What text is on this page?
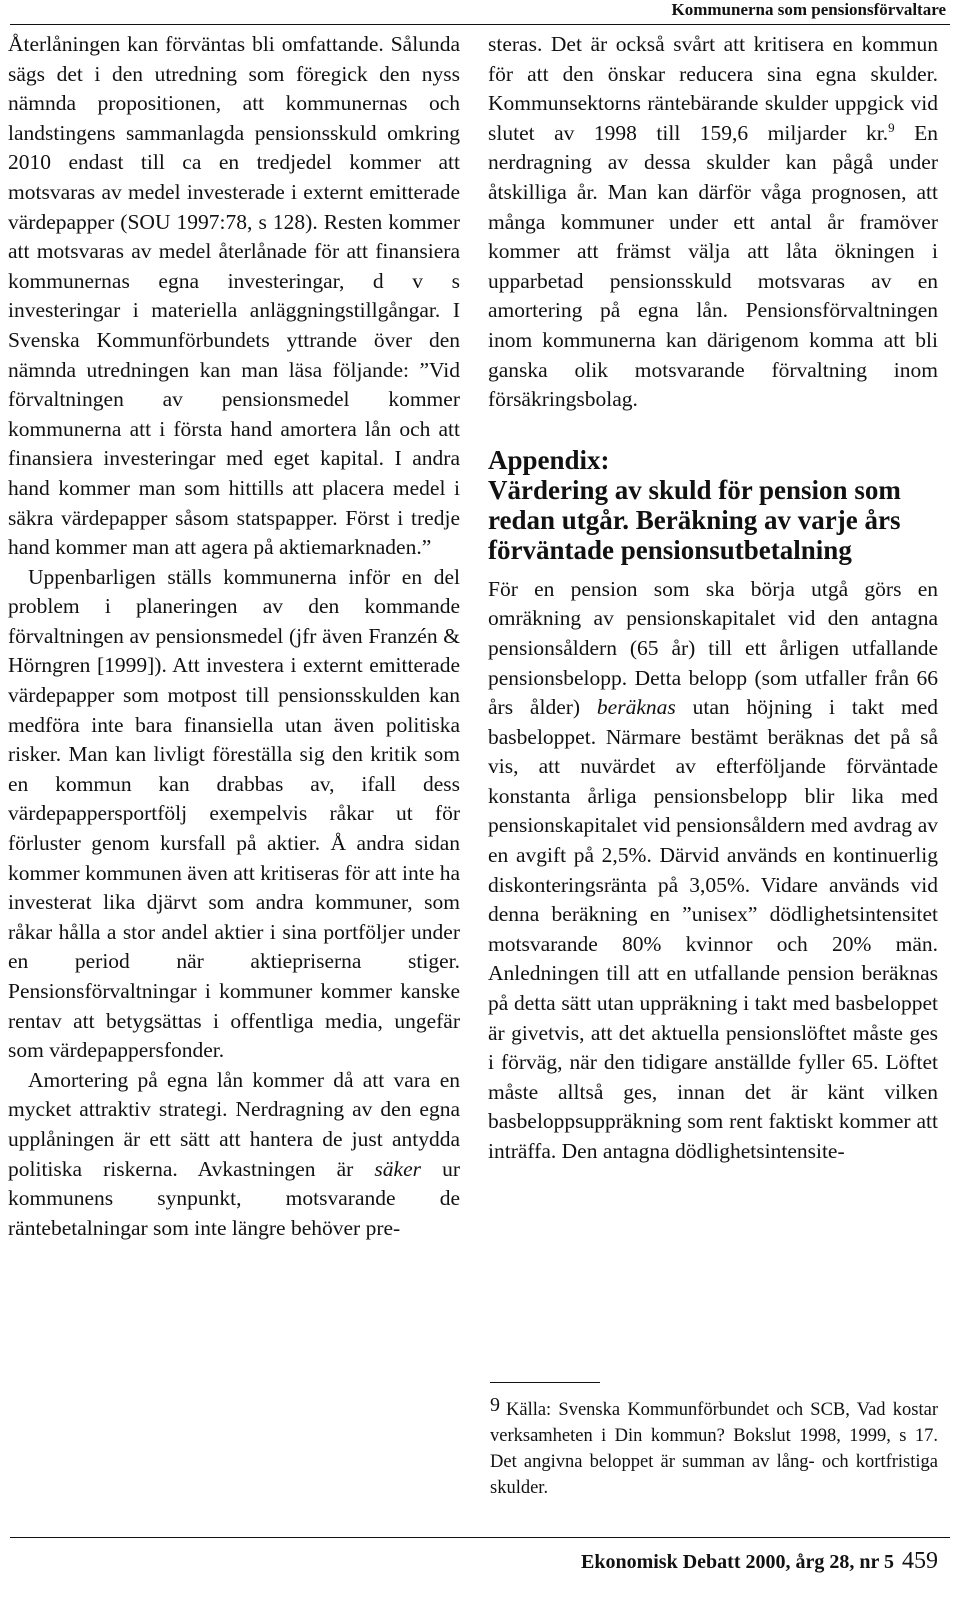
Kommunerna som pensionsförvaltare

Återlåningen kan förväntas bli omfattande. Sålunda sägs det i den utredning som föregick den nyss nämnda propositionen, att kommunernas och landstingens sammanlagda pensionsskuld omkring 2010 endast till ca en tredjedel kommer att motsvaras av medel investerade i externt emitterade värdepapper (SOU 1997:78, s 128). Resten kommer att motsvaras av medel återlånade för att finansiera kommunernas egna investeringar, d v s investeringar i materiella anläggningstillgångar. I Svenska Kommunförbundets yttrande över den nämnda utredningen kan man läsa följande: ”Vid förvaltningen av pensionsmedel kommer kommunerna att i första hand amortera lån och att finansiera investeringar med eget kapital. I andra hand kommer man som hittills att placera medel i säkra värdepapper såsom statspapper. Först i tredje hand kommer man att agera på aktiemarknaden.”

Uppenbarligen ställs kommunerna inför en del problem i planeringen av den kommande förvaltningen av pensionsmedel (jfr även Franzén & Hörngren [1999]). Att investera i externt emitterade värdepapper som motpost till pensionsskulden kan medföra inte bara finansiella utan även politiska risker. Man kan livligt föreställa sig den kritik som en kommun kan drabbas av, ifall dess värdepappersportfölj exempelvis råkar ut för förluster genom kursfall på aktier. Å andra sidan kommer kommunen även att kritiseras för att inte ha investerat lika djärvt som andra kommuner, som råkar hålla a stor andel aktier i sina portföljer under en period när aktiepriserna stiger. Pensionsförvaltningar i kommuner kommer kanske rentav att betygsättas i offentliga media, ungefär som värdepappersfonder.

Amortering på egna lån kommer då att vara en mycket attraktiv strategi. Nerdragning av den egna upplåningen är ett sätt att hantera de just antydda politiska riskerna. Avkastningen är säker ur kommunens synpunkt, motsvarande de räntebetalningar som inte längre behöver pre-

steras. Det är också svårt att kritisera en kommun för att den önskar reducera sina egna skulder. Kommunsektorns räntebärande skulder uppgick vid slutet av 1998 till 159,6 miljarder kr.$^9$ En nerdragning av dessa skulder kan pågå under åtskilliga år. Man kan därför våga prognosen, att många kommuner under ett antal år framöver kommer att främst välja att låta ökningen i upparbetad pensionsskuld motsvaras av en amortering på egna lån. Pensionsförvaltningen inom kommunerna kan därigenom komma att bli ganska olik motsvarande förvaltning inom försäkringsbolag.

Appendix:
Värdering av skuld för pension som redan utgår. Beräkning av varje års förväntade pensionsutbetalning

För en pension som ska börja utgå görs en omräkning av pensionskapitalet vid den antagna pensionsåldern (65 år) till ett årligen utfallande pensionsbelopp. Detta belopp (som utfaller från 66 års ålder) beräknas utan höjning i takt med basbeloppet. Närmare bestämt beräknas det på så vis, att nuvärdet av efterföljande förväntade konstanta årliga pensionsbelopp blir lika med pensionskapitalet vid pensionsåldern med avdrag av en avgift på 2,5%. Därvid används en kontinuerlig diskonteringsränta på 3,05%. Vidare används vid denna beräkning en ”unisex” dödlighetsintensitet motsvarande 80% kvinnor och 20% män. Anledningen till att en utfallande pension beräknas på detta sätt utan uppräkning i takt med basbeloppet är givetvis, att det aktuella pensionslöftet måste ges i förväg, när den tidigare anställde fyller 65. Löftet måste alltså ges, innan det är känt vilken basbeloppsuppräkning som rent faktiskt kommer att inträffa. Den antagna dödlighetsintensite-

9 Källa: Svenska Kommunförbundet och SCB, Vad kostar verksamheten i Din kommun? Bokslut 1998, 1999, s 17. Det angivna beloppet är summan av lång- och kortfristiga skulder.
Ekonomisk Debatt 2000, årg 28, nr 5 459
